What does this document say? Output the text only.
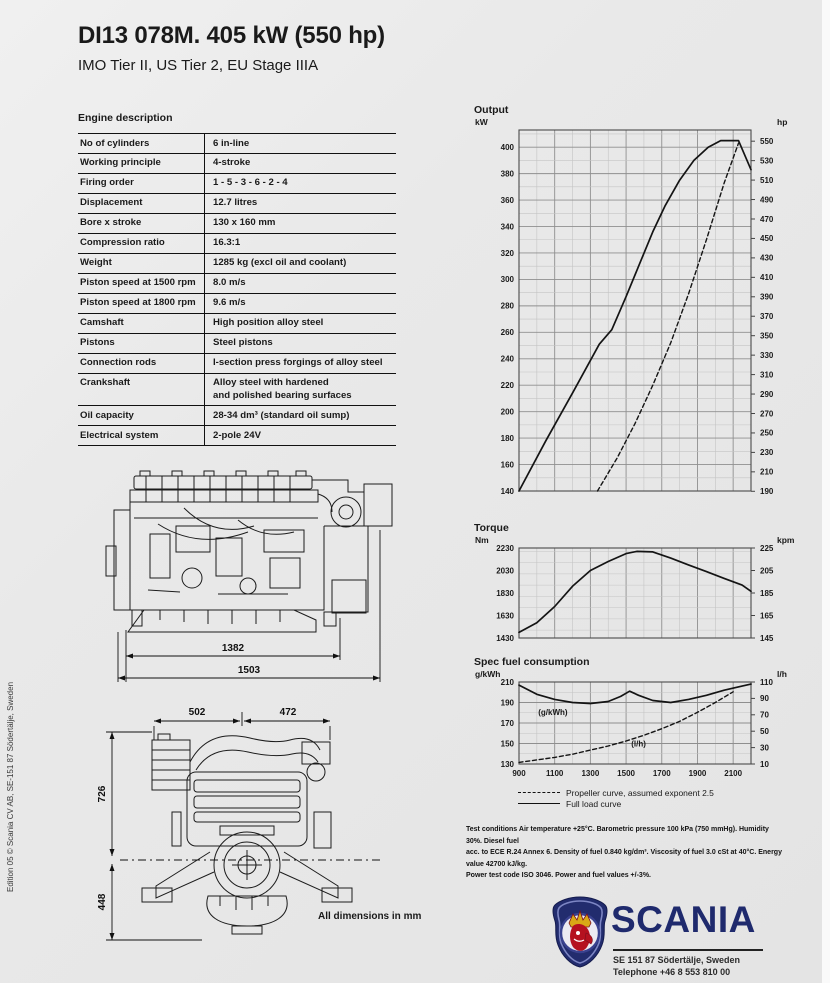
DI13 078M. 405 kW (550 hp)
IMO Tier II, US Tier 2, EU Stage IIIA
Engine description
No of cylinders	6 in-line
Working principle	4-stroke
Firing order	1 - 5 - 3 - 6 - 2 - 4
Displacement	12.7 litres
Bore x stroke	130 x 160 mm
Compression ratio	16.3:1
Weight	1285 kg (excl oil and coolant)
Piston speed at 1500 rpm	8.0 m/s
Piston speed at 1800 rpm	9.6 m/s
Camshaft	High position alloy steel
Pistons	Steel pistons
Connection rods	I-section press forgings of alloy steel
Crankshaft	Alloy steel with hardened
and polished bearing surfaces
Oil capacity	28-34 dm³ (standard oil sump)
Electrical system	2-pole 24V
1382
1503
502	472
726
448
All dimensions in mm
Output
400
380
360
340
320
300
280
260
240
220
200
180
160
140
550
530
510
490
470
450
430
410
390
370
350
330
310
290
270
250
230
210
190
kW	hp
Torque
2230
2030
1830
1630
1430
225
205
185
165
145
Nm	kpm
Spec fuel consumption
210
190
170
150
130
110
90
70
50
30
10
900	1100 1300 1500 1700 1900 2100
g/kWh	l/h
(g/kWh)
(l/h)
Propeller curve, assumed exponent 2.5
Full load curve
Test conditions Air temperature +25°C. Barometric pressure 100 kPa (750 mmHg). Humidity 30%. Diesel fuel
acc. to ECE R.24 Annex 6. Density of fuel 0.840 kg/dm³. Viscosity of fuel 3.0 cSt at 40°C. Energy value 42700 kJ/kg.
Power test code ISO 3046. Power and fuel values +/-3%.
SCANIA
SE 151 87 Södertälje, Sweden
Telephone +46 8 553 810 00
Edition 05 © Scania CV AB, SE-151 87 Södertälje, Sweden
